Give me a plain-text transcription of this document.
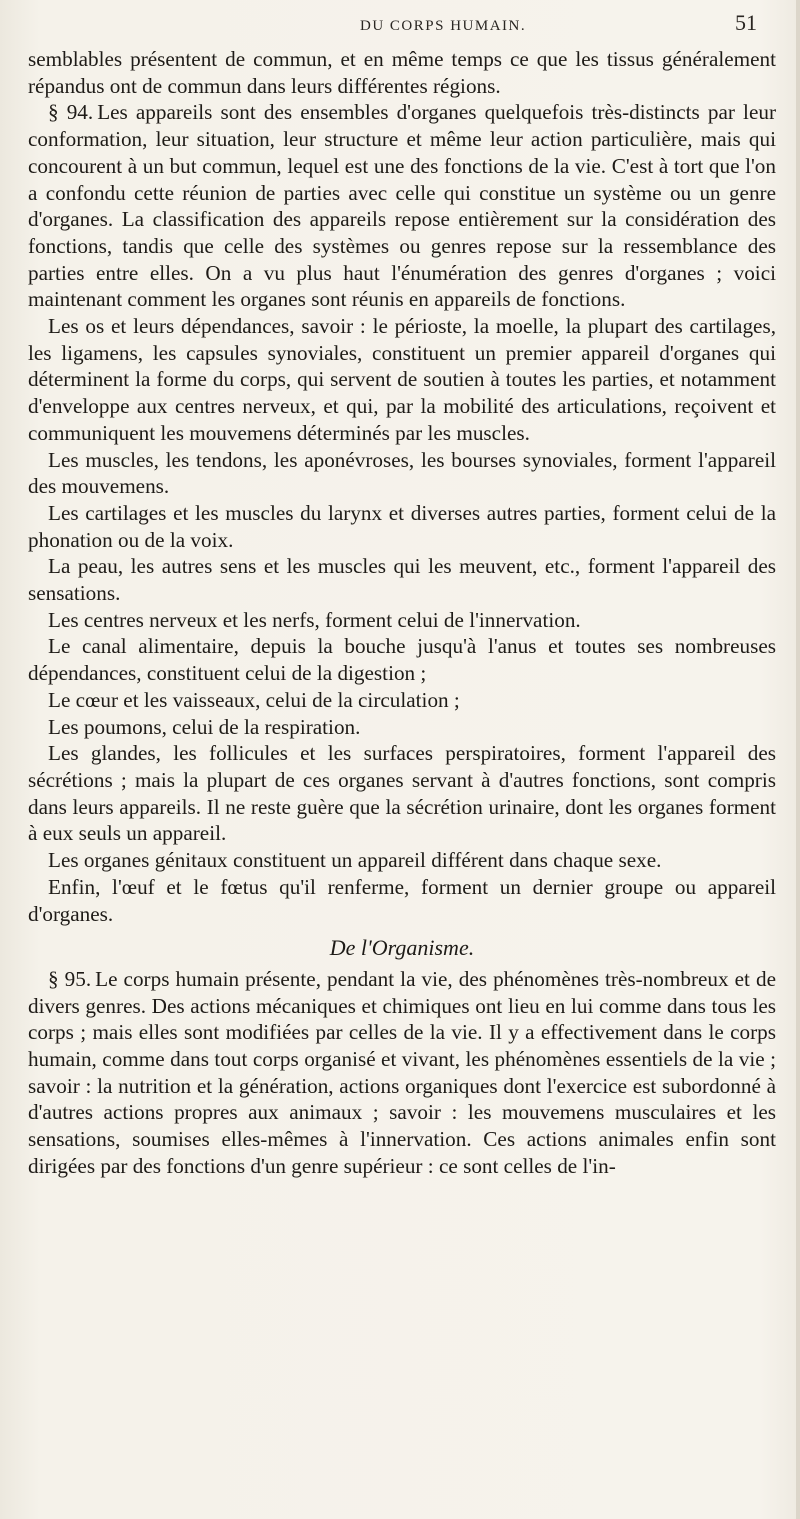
DU CORPS HUMAIN.	51

semblables présentent de commun, et en même temps ce que les tissus généralement répandus ont de commun dans leurs différentes régions.

§ 94. Les appareils sont des ensembles d'organes quelquefois très-distincts par leur conformation, leur situation, leur structure et même leur action particulière, mais qui concourent à un but commun, lequel est une des fonctions de la vie. C'est à tort que l'on a confondu cette réunion de parties avec celle qui constitue un système ou un genre d'organes. La classification des appareils repose entièrement sur la considération des fonctions, tandis que celle des systèmes ou genres repose sur la ressemblance des parties entre elles. On a vu plus haut l'énumération des genres d'organes ; voici maintenant comment les organes sont réunis en appareils de fonctions.

Les os et leurs dépendances, savoir : le périoste, la moelle, la plupart des cartilages, les ligamens, les capsules synoviales, constituent un premier appareil d'organes qui déterminent la forme du corps, qui servent de soutien à toutes les parties, et notamment d'enveloppe aux centres nerveux, et qui, par la mobilité des articulations, reçoivent et communiquent les mouvemens déterminés par les muscles.

Les muscles, les tendons, les aponévroses, les bourses synoviales, forment l'appareil des mouvemens.

Les cartilages et les muscles du larynx et diverses autres parties, forment celui de la phonation ou de la voix.

La peau, les autres sens et les muscles qui les meuvent, etc., forment l'appareil des sensations.

Les centres nerveux et les nerfs, forment celui de l'innervation.

Le canal alimentaire, depuis la bouche jusqu'à l'anus et toutes ses nombreuses dépendances, constituent celui de la digestion ;

Le cœur et les vaisseaux, celui de la circulation ;

Les poumons, celui de la respiration.

Les glandes, les follicules et les surfaces perspiratoires, forment l'appareil des sécrétions ; mais la plupart de ces organes servant à d'autres fonctions, sont compris dans leurs appareils. Il ne reste guère que la sécrétion urinaire, dont les organes forment à eux seuls un appareil.

Les organes génitaux constituent un appareil différent dans chaque sexe.

Enfin, l'œuf et le fœtus qu'il renferme, forment un dernier groupe ou appareil d'organes.

De l'Organisme.

§ 95. Le corps humain présente, pendant la vie, des phénomènes très-nombreux et de divers genres. Des actions mécaniques et chimiques ont lieu en lui comme dans tous les corps ; mais elles sont modifiées par celles de la vie. Il y a effectivement dans le corps humain, comme dans tout corps organisé et vivant, les phénomènes essentiels de la vie ; savoir : la nutrition et la génération, actions organiques dont l'exercice est subordonné à d'autres actions propres aux animaux ; savoir : les mouvemens musculaires et les sensations, soumises elles-mêmes à l'innervation. Ces actions animales enfin sont dirigées par des fonctions d'un genre supérieur : ce sont celles de l'in-
